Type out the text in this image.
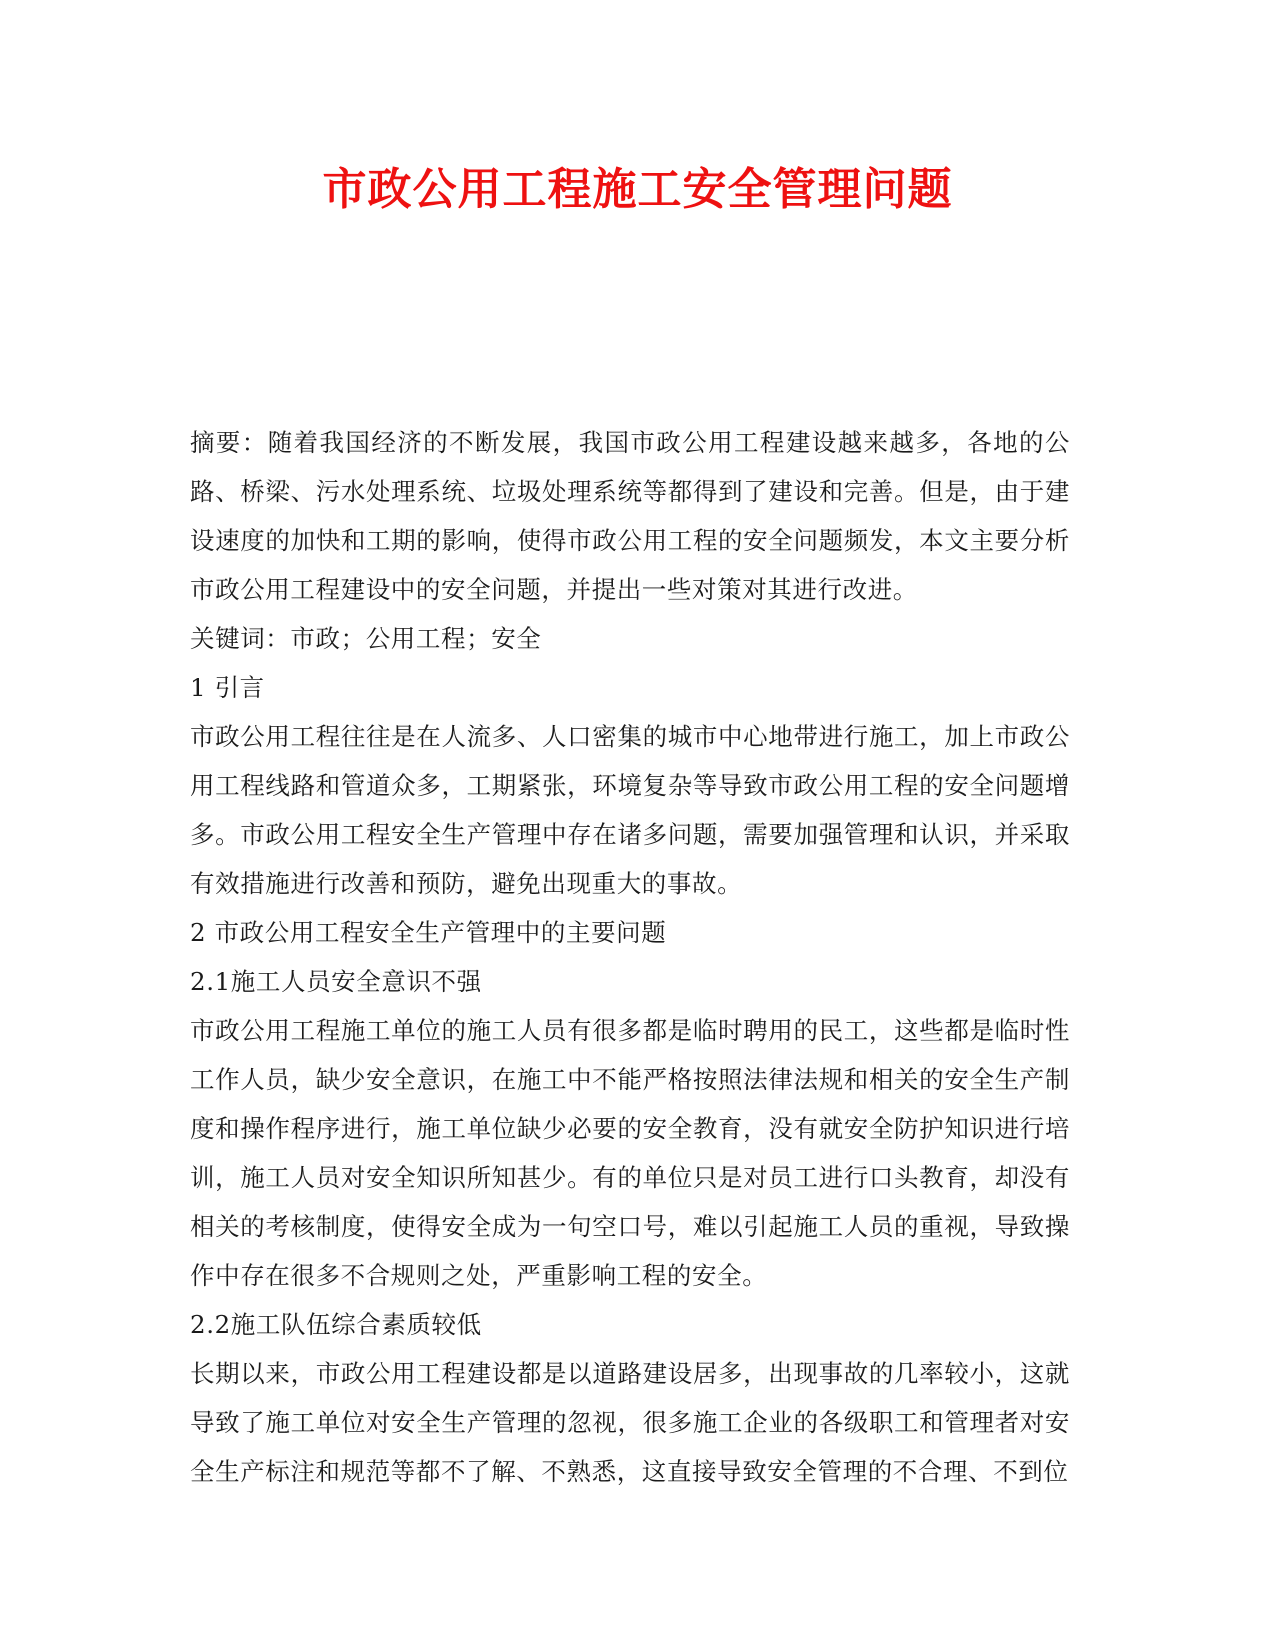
市政公用工程施工安全管理问题

摘要：随着我国经济的不断发展，我国市政公用工程建设越来越多，各地的公路、桥梁、污水处理系统、垃圾处理系统等都得到了建设和完善。但是，由于建设速度的加快和工期的影响，使得市政公用工程的安全问题频发，本文主要分析市政公用工程建设中的安全问题，并提出一些对策对其进行改进。

关键词：市政；公用工程；安全

1 引言

市政公用工程往往是在人流多、人口密集的城市中心地带进行施工，加上市政公用工程线路和管道众多，工期紧张，环境复杂等导致市政公用工程的安全问题增多。市政公用工程安全生产管理中存在诸多问题，需要加强管理和认识，并采取有效措施进行改善和预防，避免出现重大的事故。

2 市政公用工程安全生产管理中的主要问题

2.1施工人员安全意识不强

市政公用工程施工单位的施工人员有很多都是临时聘用的民工，这些都是临时性工作人员，缺少安全意识，在施工中不能严格按照法律法规和相关的安全生产制度和操作程序进行，施工单位缺少必要的安全教育，没有就安全防护知识进行培训，施工人员对安全知识所知甚少。有的单位只是对员工进行口头教育，却没有相关的考核制度，使得安全成为一句空口号，难以引起施工人员的重视，导致操作中存在很多不合规则之处，严重影响工程的安全。

2.2施工队伍综合素质较低

长期以来，市政公用工程建设都是以道路建设居多，出现事故的几率较小，这就导致了施工单位对安全生产管理的忽视，很多施工企业的各级职工和管理者对安全生产标注和规范等都不了解、不熟悉，这直接导致安全管理的不合理、不到位
